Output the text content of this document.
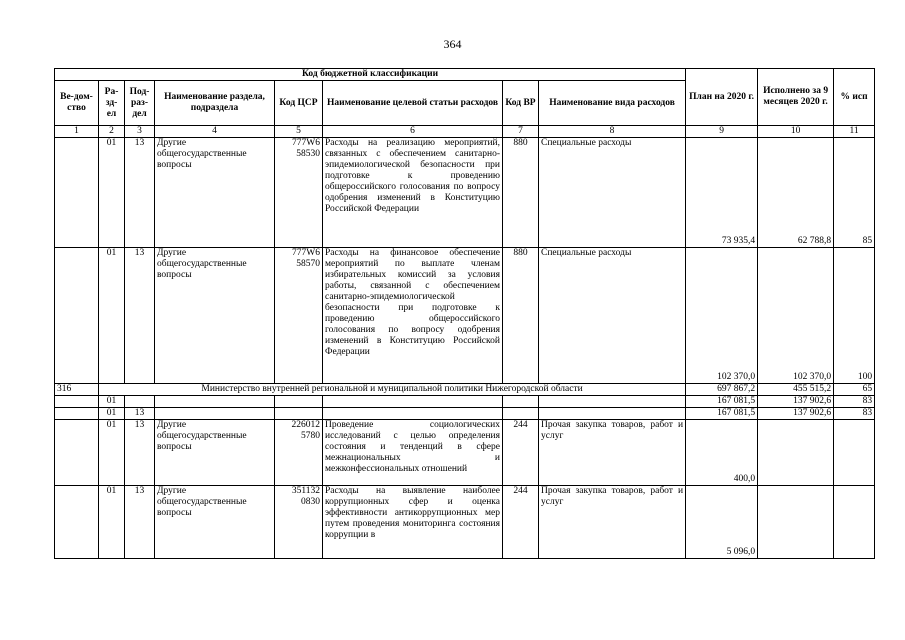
364
Код бюджетной классификации								План на 2020 г.	Исполнено за 9 месяцев 2020 г.	% исп
Ве-дом-ство	Ра-зд-ел	Под-раз-дел	Наименование раздела, подраздела	Код ЦСР	Наименование целевой статьи расходов	Код ВР	Наименование вида расходов			
1	2	3	4	5	6	7	8	9	10	11
	01	13	Другие общегосударственные вопросы	777W6 58530	Расходы на реализацию мероприятий, связанных с обеспечением санитарно-эпидемиологической безопасности при подготовке к проведению общероссийского голосования по вопросу одобрения изменений в Конституцию Российской Федерации	880	Специальные расходы	73 935,4	62 788,8	85
	01	13	Другие общегосударственные вопросы	777W6 58570	Расходы на финансовое обеспечение мероприятий по выплате членам избирательных комиссий за условия работы, связанной с обеспечением санитарно-эпидемиологической безопасности при подготовке к проведению общероссийского голосования по вопросу одобрения изменений в Конституцию Российской Федерации	880	Специальные расходы	102 370,0	102 370,0	100
316	Министерство внутренней региональной и муниципальной политики Нижегородской области							697 867,2	455 515,2	65
	01							167 081,5	137 902,6	83
	01	13						167 081,5	137 902,6	83
	01	13	Другие общегосударственные вопросы	226012 5780	Проведение социологических исследований с целью определения состояния и тенденций в сфере межнациональных и межконфессиональных отношений	244	Прочая закупка товаров, работ и услуг	400,0		
	01	13	Другие общегосударственные вопросы	351132 0830	Расходы на выявление наиболее коррупционных сфер и оценка эффективности антикоррупционных мер путем проведения мониторинга состояния коррупции в	244	Прочая закупка товаров, работ и услуг	5 096,0		
